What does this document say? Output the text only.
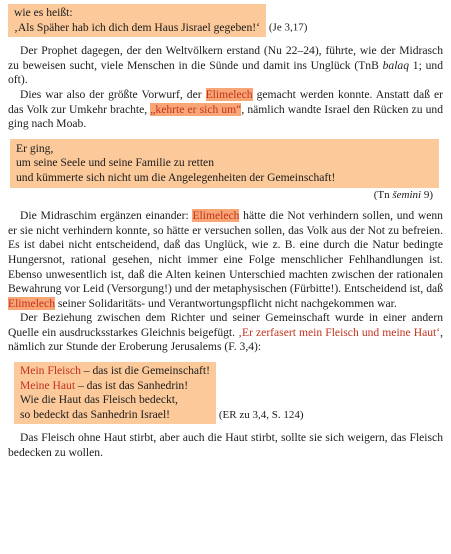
wie es heißt:
‚Als Späher hab ich dich dem Haus Jisrael gegeben!‘ (Je 3,17)

Der Prophet dagegen, der den Weltvölkern erstand (Nu 22–24), führte, wie der Midrasch zu beweisen sucht, viele Menschen in die Sünde und damit ins Unglück (TnB balaq 1; und oft).

Dies war also der größte Vorwurf, der Elimelech gemacht werden konnte. Anstatt daß er das Volk zur Umkehr brachte, „kehrte er sich um“, nämlich wandte Israel den Rücken zu und ging nach Moab.

Er ging,
um seine Seele und seine Familie zu retten
und kümmerte sich nicht um die Angelegenheiten der Gemeinschaft!

(Tn šemini 9)

Die Midraschim ergänzen einander: Elimelech hätte die Not verhindern sollen, und wenn er sie nicht verhindern konnte, so hätte er versuchen sollen, das Volk aus der Not zu befreien. Es ist dabei nicht entscheidend, daß das Unglück, wie z. B. eine durch die Natur bedingte Hungersnot, rational gesehen, nicht immer eine Folge menschlicher Fehlhandlungen ist. Ebenso unwesentlich ist, daß die Alten keinen Unterschied machten zwischen der rationalen Bewahrung vor Leid (Versorgung!) und der metaphysischen (Fürbitte!). Entscheidend ist, daß Elimelech seiner Solidaritäts- und Verantwortungspflicht nicht nachgekommen war.

Der Beziehung zwischen dem Richter und seiner Gemeinschaft wurde in einer andern Quelle ein ausdrucksstarkes Gleichnis beigefügt. ‚Er zerfasert mein Fleisch und meine Haut‘, nämlich zur Stunde der Eroberung Jerusalems (F. 3,4):

Mein Fleisch – das ist die Gemeinschaft!
Meine Haut – das ist das Sanhedrin!
Wie die Haut das Fleisch bedeckt,
so bedeckt das Sanhedrin Israel!	(ER zu 3,4, S. 124)

Das Fleisch ohne Haut stirbt, aber auch die Haut stirbt, sollte sie sich weigern, das Fleisch bedecken zu wollen.
